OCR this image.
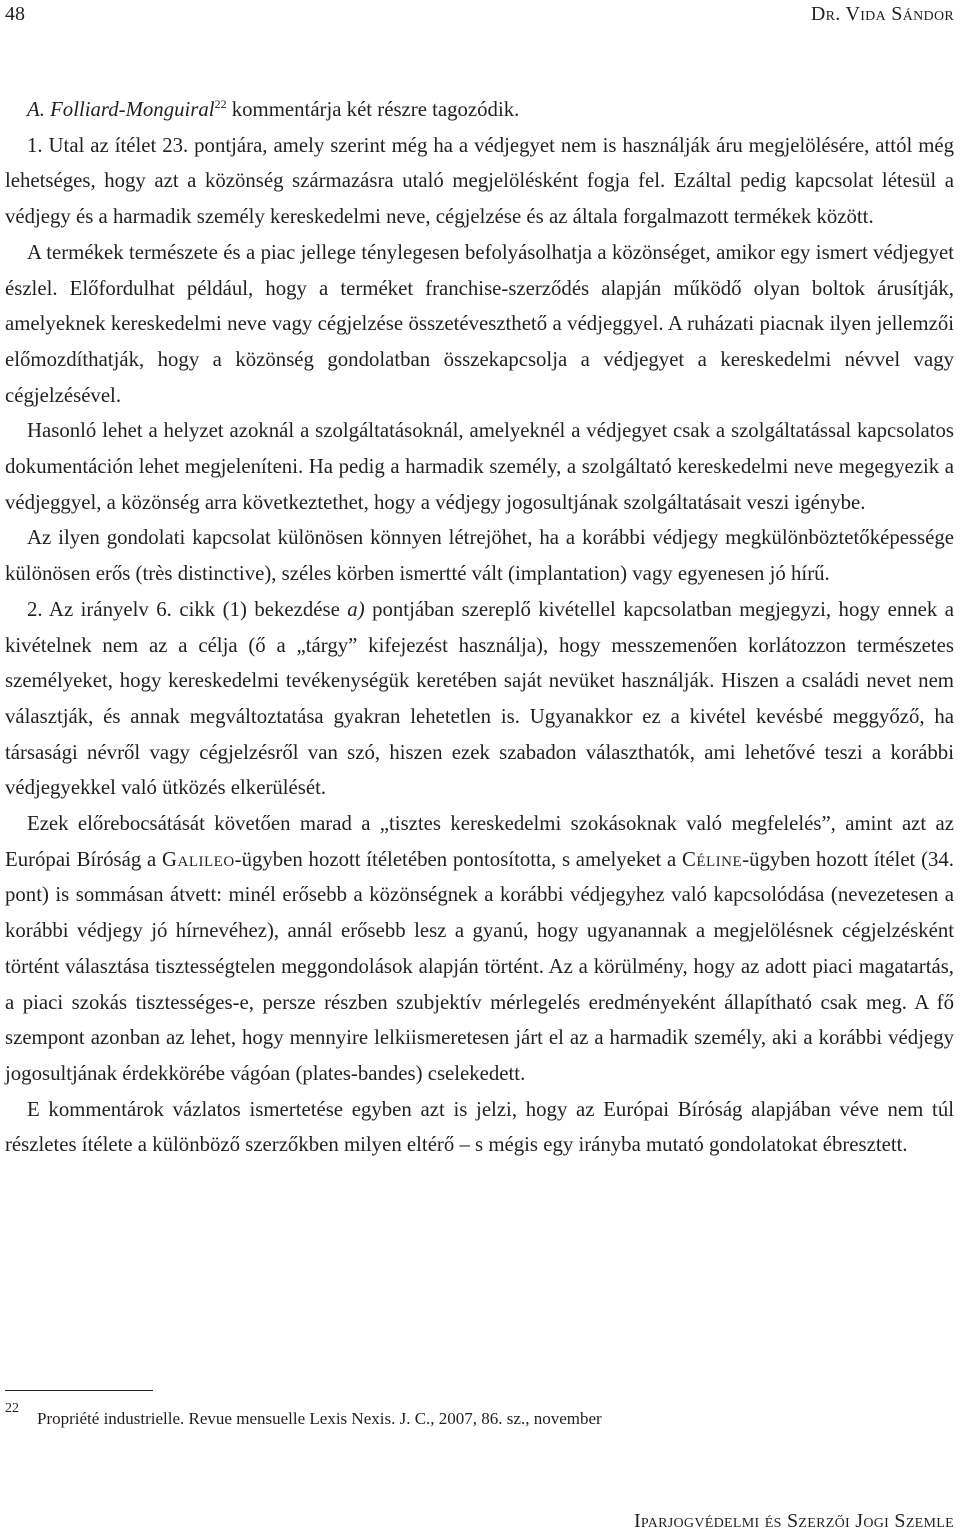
48	Dr. Vida Sándor

A. Folliard-Monguiral$^{22}$ kommentárja két részre tagozódik.

1. Utal az ítélet 23. pontjára, amely szerint még ha a védjegyet nem is használják áru megjelölésére, attól még lehetséges, hogy azt a közönség származásra utaló megjelölésként fogja fel. Ezáltal pedig kapcsolat létesül a védjegy és a harmadik személy kereskedelmi neve, cégjelzése és az általa forgalmazott termékek között.

A termékek természete és a piac jellege ténylegesen befolyásolhatja a közönséget, amikor egy ismert védjegyet észlel. Előfordulhat például, hogy a terméket franchise-szerződés alapján működő olyan boltok árusítják, amelyeknek kereskedelmi neve vagy cégjelzése összetéveszthető a védjeggyel. A ruházati piacnak ilyen jellemzői előmozdíthatják, hogy a közönség gondolatban összekapcsolja a védjegyet a kereskedelmi névvel vagy cégjelzésével.

Hasonló lehet a helyzet azoknál a szolgáltatásoknál, amelyeknél a védjegyet csak a szolgáltatással kapcsolatos dokumentáción lehet megjeleníteni. Ha pedig a harmadik személy, a szolgáltató kereskedelmi neve megegyezik a védjeggyel, a közönség arra következtethet, hogy a védjegy jogosultjának szolgáltatásait veszi igénybe.

Az ilyen gondolati kapcsolat különösen könnyen létrejöhet, ha a korábbi védjegy megkülönböztetőképessége különösen erős (très distinctive), széles körben ismertté vált (implantation) vagy egyenesen jó hírű.

2. Az irányelv 6. cikk (1) bekezdése a) pontjában szereplő kivétellel kapcsolatban megjegyzi, hogy ennek a kivételnek nem az a célja (ő a „tárgy” kifejezést használja), hogy messzemenően korlátozzon természetes személyeket, hogy kereskedelmi tevékenységük keretében saját nevüket használják. Hiszen a családi nevet nem választják, és annak megváltoztatása gyakran lehetetlen is. Ugyanakkor ez a kivétel kevésbé meggyőző, ha társasági névről vagy cégjelzésről van szó, hiszen ezek szabadon választhatók, ami lehetővé teszi a korábbi védjegyekkel való ütközés elkerülését.

Ezek előrebocsátását követően marad a „tisztes kereskedelmi szokásoknak való megfelelés”, amint azt az Európai Bíróság a Galileo-ügyben hozott ítéletében pontosította, s amelyeket a Céline-ügyben hozott ítélet (34. pont) is sommásan átvett: minél erősebb a közönségnek a korábbi védjegyhez való kapcsolódása (nevezetesen a korábbi védjegy jó hírnevéhez), annál erősebb lesz a gyanú, hogy ugyanannak a megjelölésnek cégjelzésként történt választása tisztességtelen meggondolások alapján történt. Az a körülmény, hogy az adott piaci magatartás, a piaci szokás tisztességes-e, persze részben szubjektív mérlegelés eredményeként állapítható csak meg. A fő szempont azonban az lehet, hogy mennyire lelkiismeretesen járt el az a harmadik személy, aki a korábbi védjegy jogosultjának érdekkörébe vágóan (plates-bandes) cselekedett.

E kommentárok vázlatos ismertetése egyben azt is jelzi, hogy az Európai Bíróság alapjában véve nem túl részletes ítélete a különböző szerzőkben milyen eltérő – s mégis egy irányba mutató gondolatokat ébresztett.

22
Propriété industrielle. Revue mensuelle Lexis Nexis. J. C., 2007, 86. sz., november
Iparjogvédelmi és Szerzői Jogi Szemle
